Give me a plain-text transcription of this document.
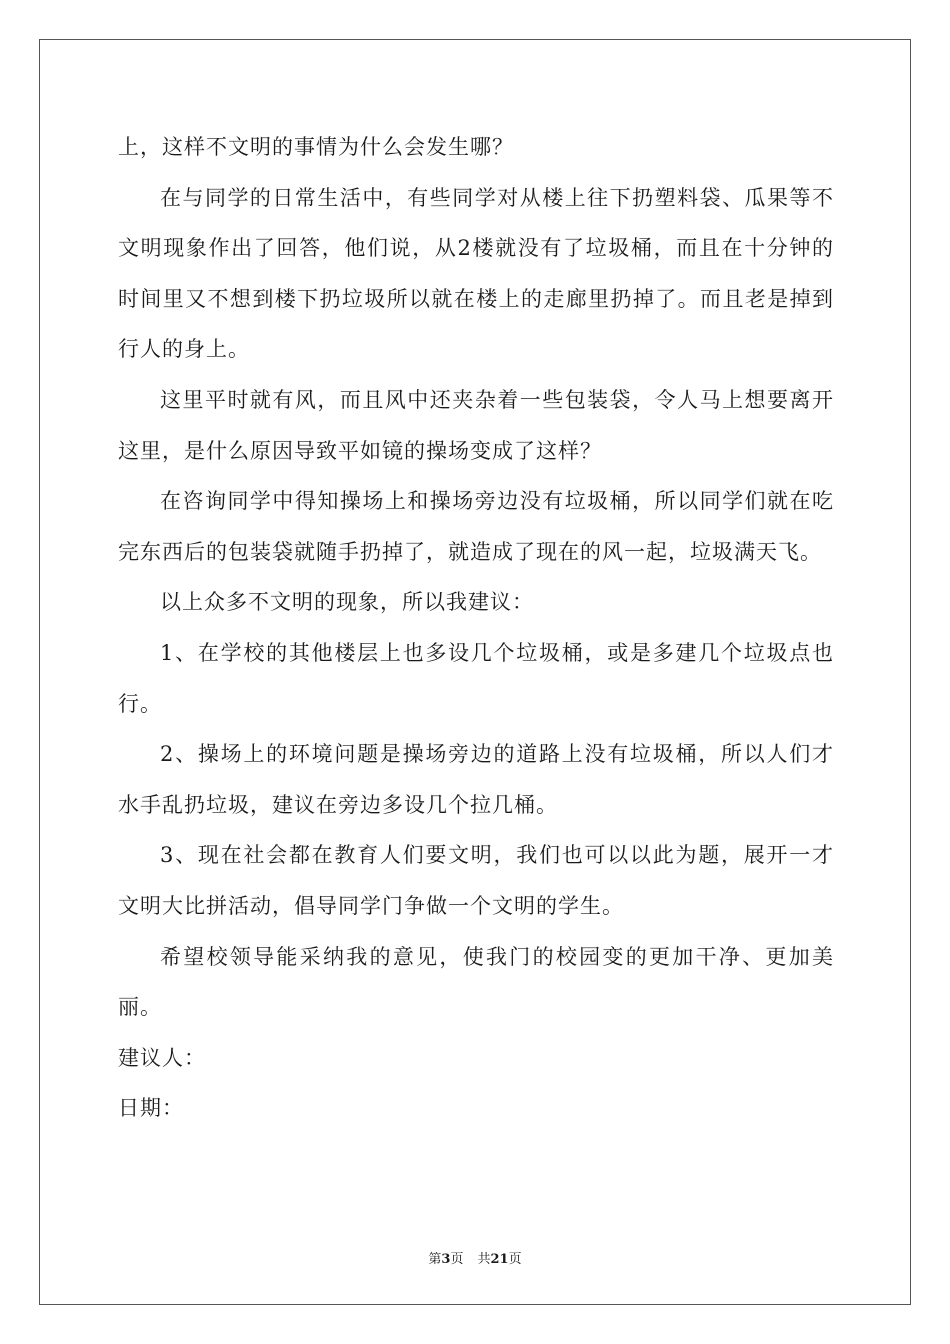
上，这样不文明的事情为什么会发生哪？

在与同学的日常生活中，有些同学对从楼上往下扔塑料袋、瓜果等不文明现象作出了回答，他们说，从2楼就没有了垃圾桶，而且在十分钟的时间里又不想到楼下扔垃圾所以就在楼上的走廊里扔掉了。而且老是掉到行人的身上。

这里平时就有风，而且风中还夹杂着一些包装袋，令人马上想要离开这里，是什么原因导致平如镜的操场变成了这样？

在咨询同学中得知操场上和操场旁边没有垃圾桶，所以同学们就在吃完东西后的包装袋就随手扔掉了，就造成了现在的风一起，垃圾满天飞。

以上众多不文明的现象，所以我建议：

1、在学校的其他楼层上也多设几个垃圾桶，或是多建几个垃圾点也行。

2、操场上的环境问题是操场旁边的道路上没有垃圾桶，所以人们才水手乱扔垃圾，建议在旁边多设几个拉几桶。

3、现在社会都在教育人们要文明，我们也可以以此为题，展开一才文明大比拼活动，倡导同学门争做一个文明的学生。

希望校领导能采纳我的意见，使我门的校园变的更加干净、更加美丽。

建议人：

日期：

第3页 共21页
